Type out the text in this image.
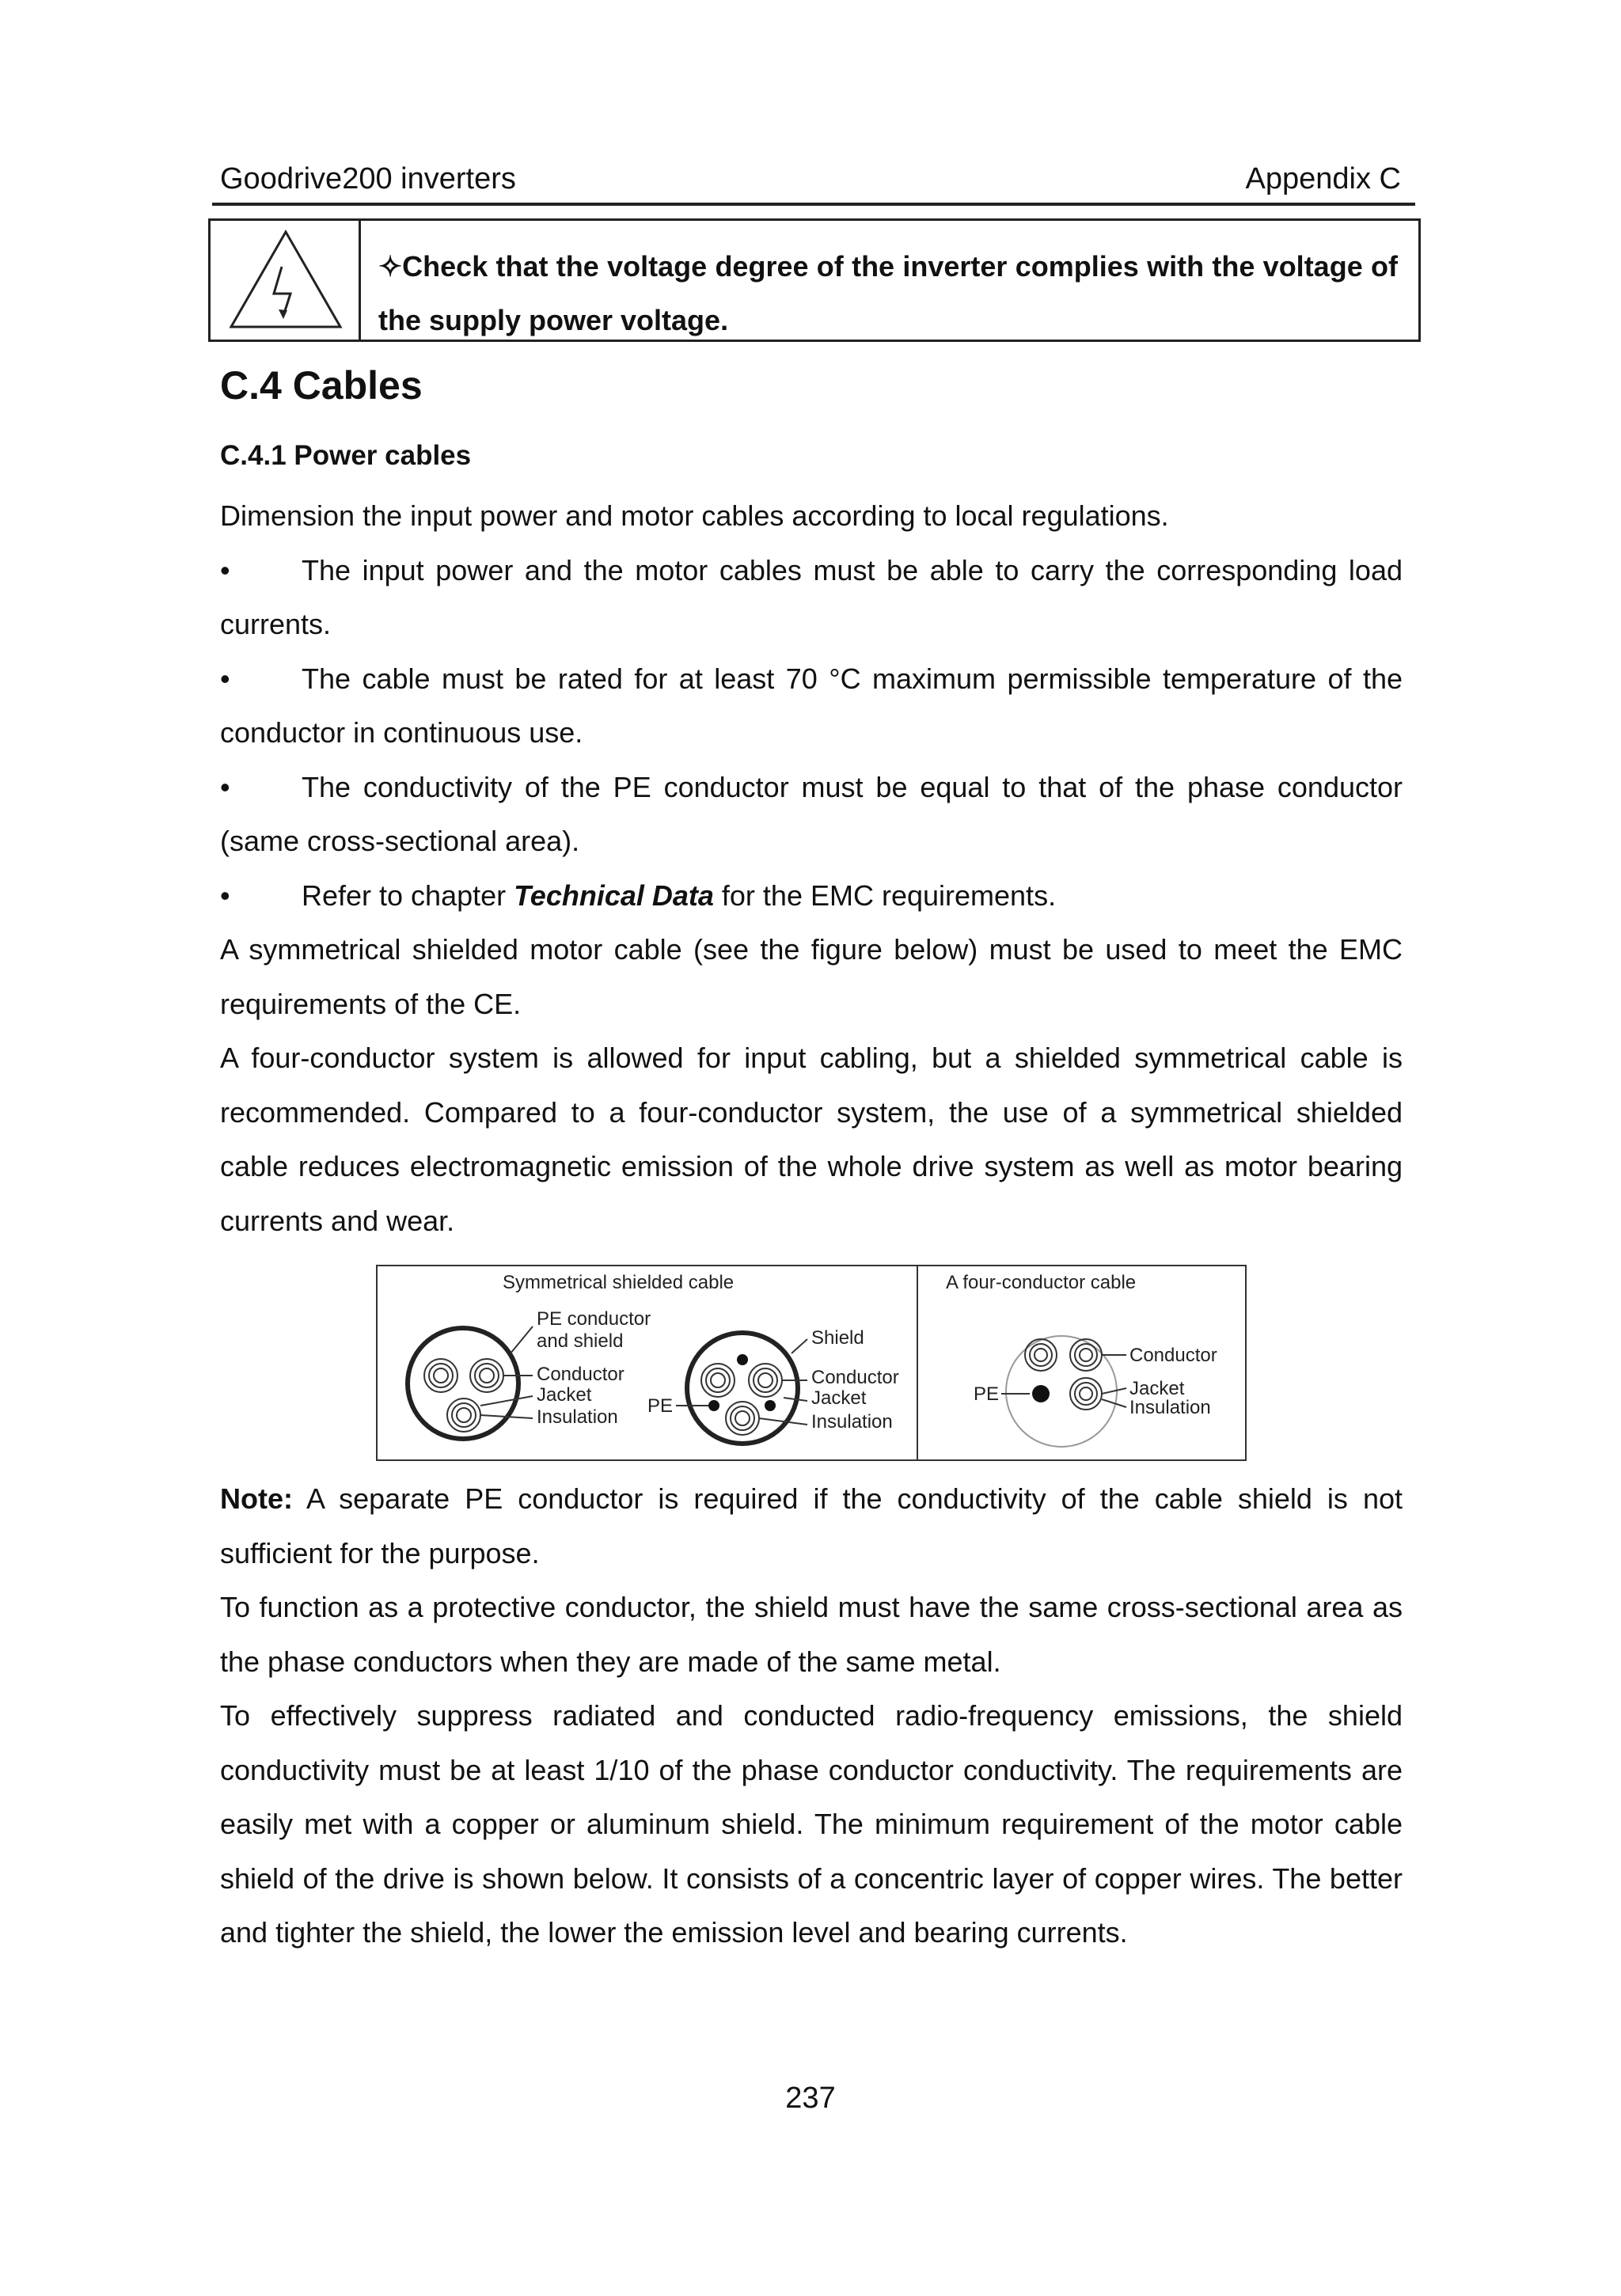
Goodrive200 inverters	Appendix C
✧Check that the voltage degree of the inverter complies with the voltage of the supply power voltage.
C.4 Cables
C.4.1 Power cables

Dimension the input power and motor cables according to local regulations.

•	The input power and the motor cables must be able to carry the corresponding load currents.

•	The cable must be rated for at least 70 °C maximum permissible temperature of the conductor in continuous use.

•	The conductivity of the PE conductor must be equal to that of the phase conductor (same cross-sectional area).

•	Refer to chapter Technical Data for the EMC requirements.

A symmetrical shielded motor cable (see the figure below) must be used to meet the EMC requirements of the CE.

A four-conductor system is allowed for input cabling, but a shielded symmetrical cable is recommended. Compared to a four-conductor system, the use of a symmetrical shielded cable reduces electromagnetic emission of the whole drive system as well as motor bearing currents and wear.

Symmetrical shielded cable	A four-conductor cable
PE conductor
and shield
Conductor
Jacket
Insulation
PE
Shield
Conductor
Jacket
Insulation
PE
Conductor
Jacket
Insulation

Note: A separate PE conductor is required if the conductivity of the cable shield is not sufficient for the purpose.

To function as a protective conductor, the shield must have the same cross-sectional area as the phase conductors when they are made of the same metal.

To effectively suppress radiated and conducted radio-frequency emissions, the shield conductivity must be at least 1/10 of the phase conductor conductivity. The requirements are easily met with a copper or aluminum shield. The minimum requirement of the motor cable shield of the drive is shown below. It consists of a concentric layer of copper wires. The better and tighter the shield, the lower the emission level and bearing currents.

237
